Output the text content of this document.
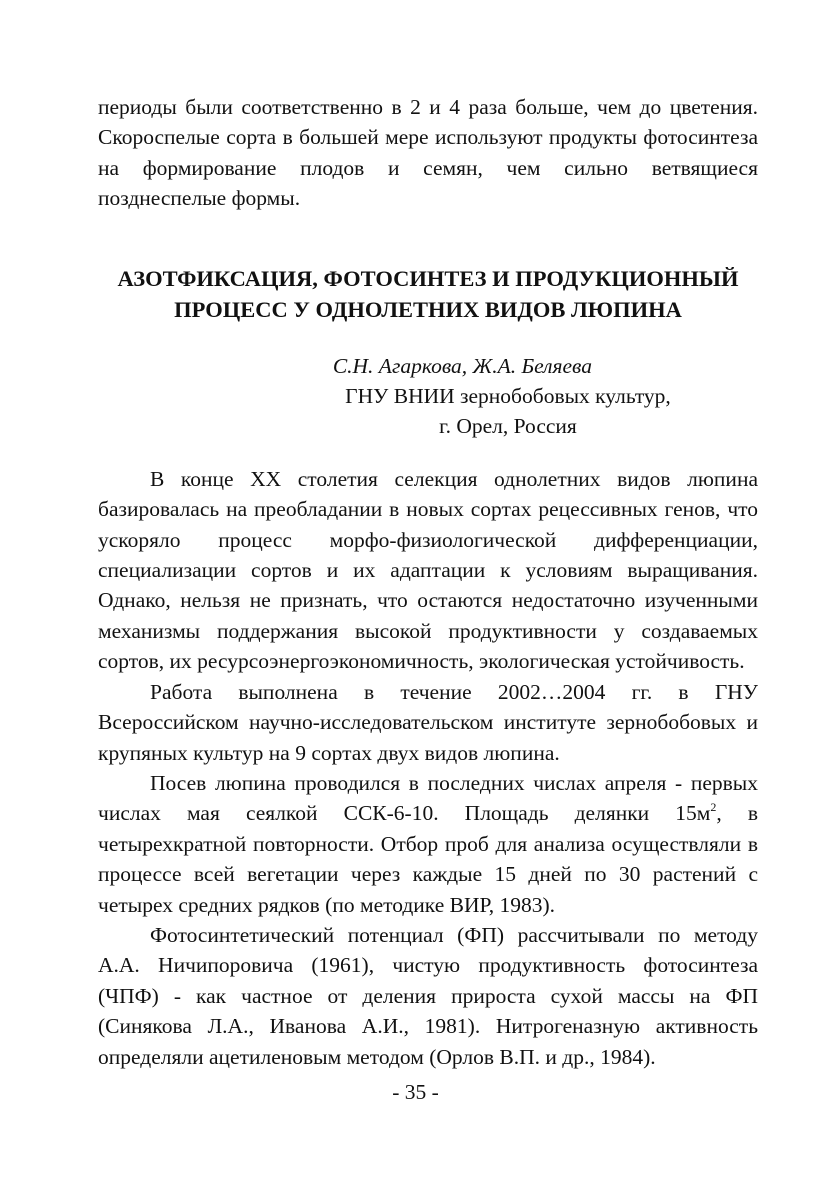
периоды были соответственно в 2 и 4 раза больше, чем до цветения. Скороспелые сорта в большей мере используют продукты фотосинтеза на формирование плодов и семян, чем сильно ветвящиеся позднеспелые формы.

АЗОТФИКСАЦИЯ, ФОТОСИНТЕЗ И ПРОДУКЦИОННЫЙ
ПРОЦЕСС У ОДНОЛЕТНИХ ВИДОВ ЛЮПИНА
С.Н. Агаркова, Ж.А. Беляева
ГНУ ВНИИ зернобобовых культур,
г. Орел, Россия

В конце ХХ столетия селекция однолетних видов люпина базировалась на преобладании в новых сортах рецессивных генов, что ускоряло процесс морфо-физиологической дифференциации, специализации сортов и их адаптации к условиям выращивания. Однако, нельзя не признать, что остаются недостаточно изученными механизмы поддержания высокой продуктивности у создаваемых сортов, их ресурсоэнергоэкономичность, экологическая устойчивость.

Работа выполнена в течение 2002…2004 гг. в ГНУ Всероссийском научно-исследовательском институте зернобобовых и крупяных культур на 9 сортах двух видов люпина.

Посев люпина проводился в последних числах апреля - первых числах мая сеялкой ССК-6-10. Площадь делянки $15м^2$, в четырехкратной повторности. Отбор проб для анализа осуществляли в процессе всей вегетации через каждые 15 дней по 30 растений с четырех средних рядков (по методике ВИР, 1983).

Фотосинтетический потенциал (ФП) рассчитывали по методу А.А. Ничипоровича (1961), чистую продуктивность фотосинтеза (ЧПФ) - как частное от деления прироста сухой массы на ФП (Синякова Л.А., Иванова А.И., 1981). Нитрогеназную активность определяли ацетиленовым методом (Орлов В.П. и др., 1984).

- 35 -
